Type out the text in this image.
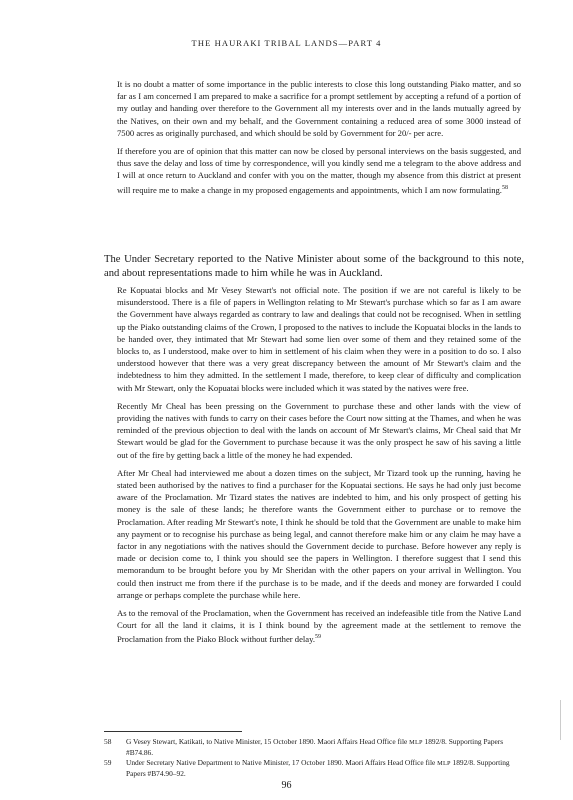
THE HAURAKI TRIBAL LANDS—PART 4

It is no doubt a matter of some importance in the public interests to close this long outstanding Piako matter, and so far as I am concerned I am prepared to make a sacrifice for a prompt settlement by accepting a refund of a portion of my outlay and handing over therefore to the Government all my interests over and in the lands mutually agreed by the Natives, on their own and my behalf, and the Government containing a reduced area of some 3000 instead of 7500 acres as originally purchased, and which should be sold by Government for 20/- per acre.

If therefore you are of opinion that this matter can now be closed by personal interviews on the basis suggested, and thus save the delay and loss of time by correspondence, will you kindly send me a telegram to the above address and I will at once return to Auckland and confer with you on the matter, though my absence from this district at present will require me to make a change in my proposed engagements and appointments, which I am now formulating.$^{58}$

The Under Secretary reported to the Native Minister about some of the background to this note, and about representations made to him while he was in Auckland.

Re Kopuatai blocks and Mr Vesey Stewart's not official note. The position if we are not careful is likely to be misunderstood. There is a file of papers in Wellington relating to Mr Stewart's purchase which so far as I am aware the Government have always regarded as contrary to law and dealings that could not be recognised. When in settling up the Piako outstanding claims of the Crown, I proposed to the natives to include the Kopuatai blocks in the lands to be handed over, they intimated that Mr Stewart had some lien over some of them and they retained some of the blocks to, as I understood, make over to him in settlement of his claim when they were in a position to do so. I also understood however that there was a very great discrepancy between the amount of Mr Stewart's claim and the indebtedness to him they admitted. In the settlement I made, therefore, to keep clear of difficulty and complication with Mr Stewart, only the Kopuatai blocks were included which it was stated by the natives were free.

Recently Mr Cheal has been pressing on the Government to purchase these and other lands with the view of providing the natives with funds to carry on their cases before the Court now sitting at the Thames, and when he was reminded of the previous objection to deal with the lands on account of Mr Stewart's claims, Mr Cheal said that Mr Stewart would be glad for the Government to purchase because it was the only prospect he saw of his saving a little out of the fire by getting back a little of the money he had expended.

After Mr Cheal had interviewed me about a dozen times on the subject, Mr Tizard took up the running, having he stated been authorised by the natives to find a purchaser for the Kopuatai sections. He says he had only just become aware of the Proclamation. Mr Tizard states the natives are indebted to him, and his only prospect of getting his money is the sale of these lands; he therefore wants the Government either to purchase or to remove the Proclamation. After reading Mr Stewart's note, I think he should be told that the Government are unable to make him any payment or to recognise his purchase as being legal, and cannot therefore make him or any claim he may have a factor in any negotiations with the natives should the Government decide to purchase. Before however any reply is made or decision come to, I think you should see the papers in Wellington. I therefore suggest that I send this memorandum to be brought before you by Mr Sheridan with the other papers on your arrival in Wellington. You could then instruct me from there if the purchase is to be made, and if the deeds and money are forwarded I could arrange or perhaps complete the purchase while here.

As to the removal of the Proclamation, when the Government has received an indefeasible title from the Native Land Court for all the land it claims, it is I think bound by the agreement made at the settlement to remove the Proclamation from the Piako Block without further delay.$^{59}$

58 G Vesey Stewart, Katikati, to Native Minister, 15 October 1890. Maori Affairs Head Office file MLP 1892/8. Supporting Papers #B74.86.
59 Under Secretary Native Department to Native Minister, 17 October 1890. Maori Affairs Head Office file MLP 1892/8. Supporting Papers #B74.90–92.
96
